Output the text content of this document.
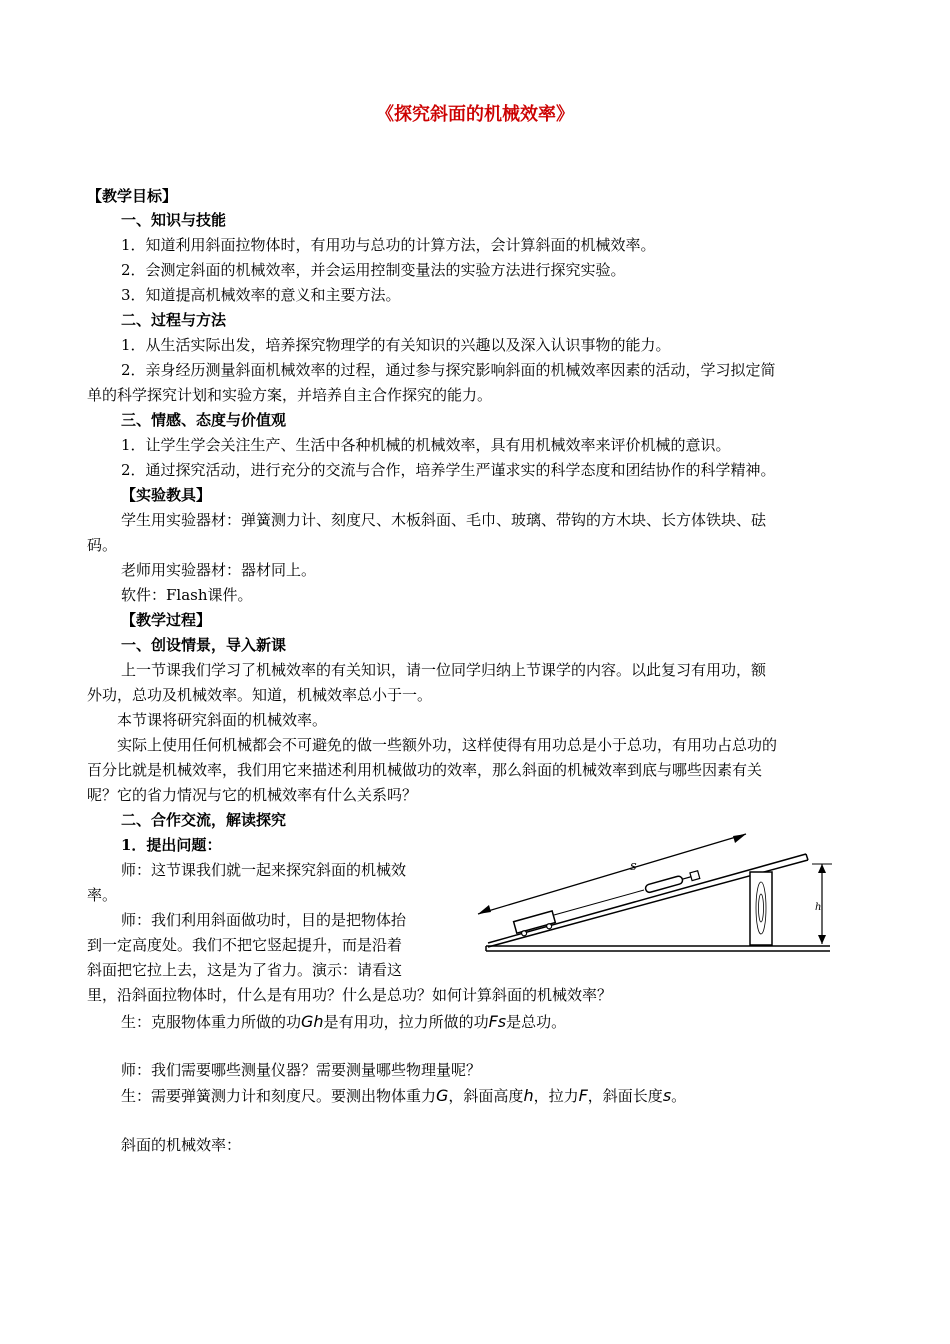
《探究斜面的机械效率》
【教学目标】
一、知识与技能
1．知道利用斜面拉物体时，有用功与总功的计算方法，会计算斜面的机械效率。
2．会测定斜面的机械效率，并会运用控制变量法的实验方法进行探究实验。
3．知道提高机械效率的意义和主要方法。
二、过程与方法
1．从生活实际出发，培养探究物理学的有关知识的兴趣以及深入认识事物的能力。
2．亲身经历测量斜面机械效率的过程，通过参与探究影响斜面的机械效率因素的活动，学习拟定简
单的科学探究计划和实验方案，并培养自主合作探究的能力。
三、情感、态度与价值观
1．让学生学会关注生产、生活中各种机械的机械效率，具有用机械效率来评价机械的意识。
2．通过探究活动，进行充分的交流与合作，培养学生严谨求实的科学态度和团结协作的科学精神。
【实验教具】
学生用实验器材：弹簧测力计、刻度尺、木板斜面、毛巾、玻璃、带钩的方木块、长方体铁块、砝
码。
老师用实验器材：器材同上。
软件：Flash课件。
【教学过程】
一、创设情景，导入新课
上一节课我们学习了机械效率的有关知识，请一位同学归纳上节课学的内容。以此复习有用功，额
外功，总功及机械效率。知道，机械效率总小于一。
本节课将研究斜面的机械效率。
实际上使用任何机械都会不可避免的做一些额外功，这样使得有用功总是小于总功，有用功占总功的
百分比就是机械效率，我们用它来描述利用机械做功的效率，那么斜面的机械效率到底与哪些因素有关
呢？它的省力情况与它的机械效率有什么关系吗？
二、合作交流，解读探究
1．提出问题：
师：这节课我们就一起来探究斜面的机械效
率。
师：我们利用斜面做功时，目的是把物体抬
到一定高度处。我们不把它竖起提升，而是沿着
斜面把它拉上去，这是为了省力。演示：请看这
里，沿斜面拉物体时，什么是有用功？什么是总功？如何计算斜面的机械效率？
生：克服物体重力所做的功Gh是有用功，拉力所做的功Fs是总功。
师：我们需要哪些测量仪器？需要测量哪些物理量呢？
生：需要弹簧测力计和刻度尺。要测出物体重力G，斜面高度h，拉力F，斜面长度s。
斜面的机械效率：
s
h
